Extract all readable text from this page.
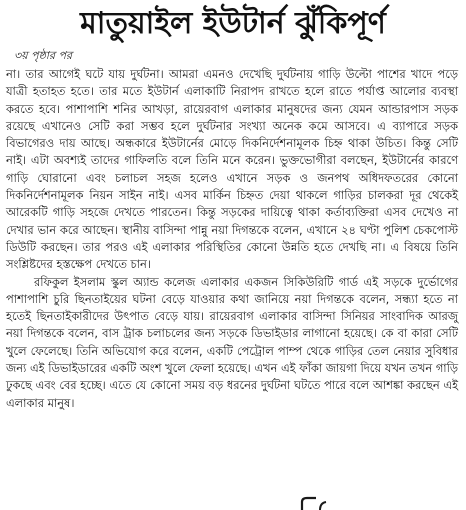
মাতুয়াইল ইউটার্ন ঝুঁকিপূর্ণ
৩য় পৃষ্ঠার পর

না। তার আগেই ঘটে যায় দুর্ঘটনা। আমরা এমনও দেখেছি দুর্ঘটনায় গাড়ি উল্টো পাশের খাদে পড়ে যাত্রী হতাহত হতে। তার মতে ইউটার্ন এলাকাটি নিরাপদ রাখতে হলে রাতে পর্যাপ্ত আলোর ব্যবস্থা করতে হবে। পাশাপাশি শনির আখড়া, রায়েরবাগ এলাকার মানুষদের জন্য যেমন আন্ডারপাস সড়ক রয়েছে এখানেও সেটি করা সম্ভব হলে দুর্ঘটনার সংখ্যা অনেক কমে আসবে। এ ব্যাপারে সড়ক বিভাগেরও দায় আছে। অন্ধকারে ইউটার্নের মোড়ে দিকনির্দেশনামূলক চিহ্ন থাকা উচিত। কিন্তু সেটি নাই। এটা অবশ্যই তাদের গাফিলতি বলে তিনি মনে করেন। ভুক্তভোগীরা বলছেন, ইউটার্নের কারণে গাড়ি ঘোরানো এবং চলাচল সহজ হলেও এখানে সড়ক ও জনপথ অধিদফতরের কোনো দিকনির্দেশনামূলক নিয়ন সাইন নাই। এসব মার্কিন চিহ্নত দেয়া থাকলে গাড়ির চালকরা দূর থেকেই আরেকটি গাড়ি সহজে দেখতে পারতেন। কিন্তু সড়কের দায়িত্বে থাকা কর্তাব্যক্তিরা এসব দেখেও না দেখার ভান করে আছেন। স্থানীয় বাসিন্দা পান্নু নয়া দিগন্তকে বলেন, এখানে ২৪ ঘণ্টা পুলিশ চেকপোস্ট ডিউটি করছেন। তার পরও এই এলাকার পরিস্থিতির কোনো উন্নতি হতে দেখছি না। এ বিষয়ে তিনি সংশ্লিষ্টদের হস্তক্ষেপ দেখতে চান।

রফিকুল ইসলাম স্কুল অ্যান্ড কলেজ এলাকার একজন সিকিউরিটি গার্ড এই সড়কে দুর্ভোগের পাশাপাশি চুরি ছিনতাইয়ের ঘটনা বেড়ে যাওয়ার কথা জানিয়ে নয়া দিগন্তকে বলেন, সন্ধ্যা হতে না হতেই ছিনতাইকারীদের উৎপাত বেড়ে যায়। রায়েরবাগ এলাকার বাসিন্দা সিনিয়র সাংবাদিক আরজু নয়া দিগন্তকে বলেন, বাস ট্রাক চলাচলের জন্য সড়কে ডিভাইডার লাগানো হয়েছে। কে বা কারা সেটি খুলে ফেলেছে। তিনি অভিযোগ করে বলেন, একটি পেট্রোল পাম্প থেকে গাড়ির তেল নেয়ার সুবিধার জন্য এই ডিভাইডারের একটি অংশ খুলে ফেলা হয়েছে। এখন এই ফাঁকা জায়গা দিয়ে যখন তখন গাড়ি ঢুকছে এবং বের হচ্ছে। এতে যে কোনো সময় বড় ধরনের দুর্ঘটনা ঘটতে পারে বলে আশঙ্কা করছেন এই এলাকার মানুষ।
